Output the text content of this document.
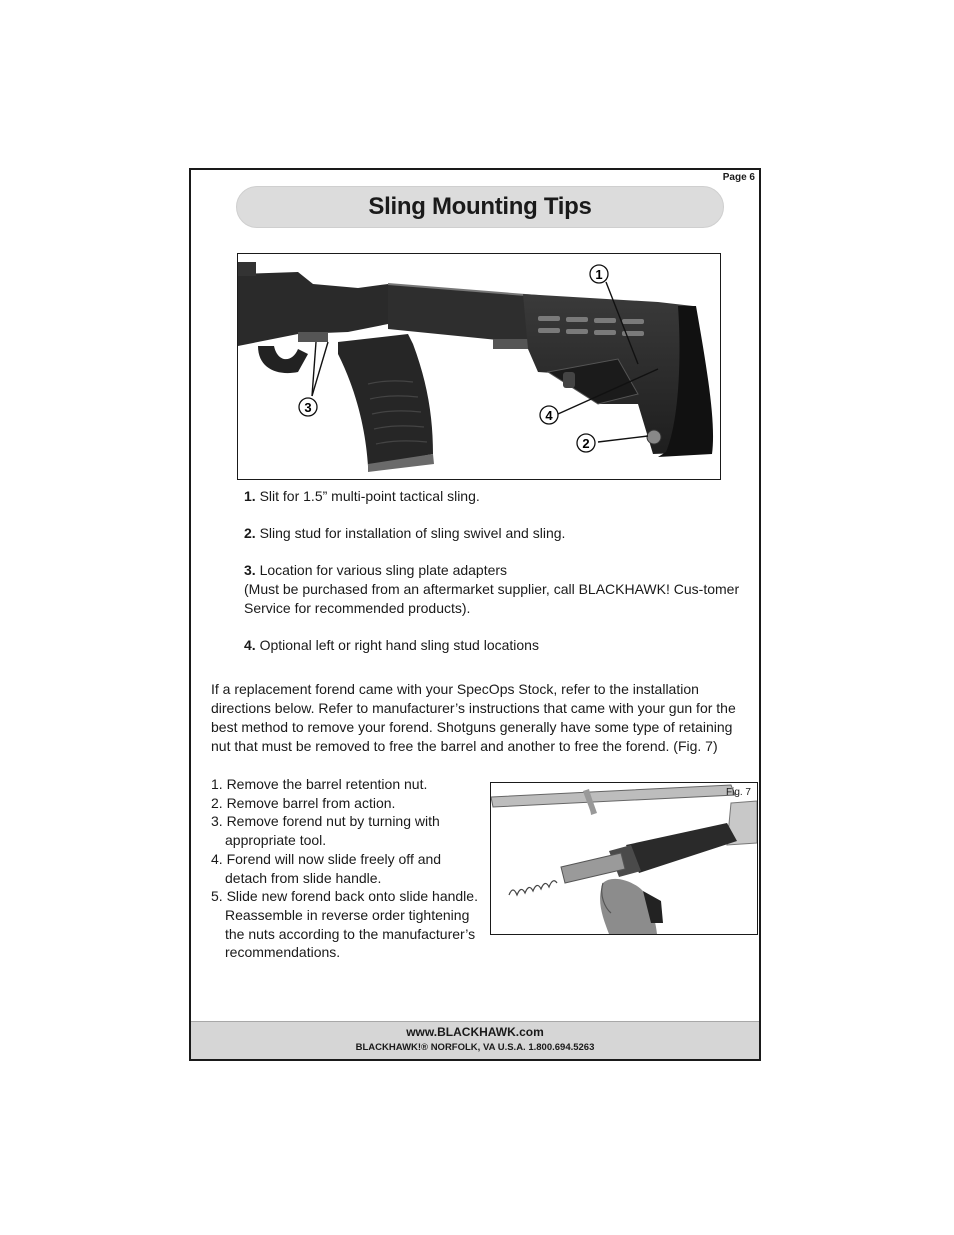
Page 6
Sling Mounting Tips
1
2
3
4

1. Slit for 1.5” multi-point tactical sling.

2. Sling stud for installation of sling swivel and sling.

3. Location for various sling plate adapters
(Must be purchased from an aftermarket supplier, call BLACKHAWK! Cus-tomer Service for recommended products).

4. Optional left or right hand sling stud locations

If a replacement forend came with your SpecOps Stock, refer to the installation directions below. Refer to manufacturer’s instructions that came with your gun for the best method to remove your forend. Shotguns generally have some type of retaining nut that must be removed to free the barrel and another to free the forend. (Fig. 7)

1. Remove the barrel retention nut.
2. Remove barrel from action.
3. Remove forend nut by turning with appropriate tool.
4. Forend will now slide freely off and detach from slide handle.
5. Slide new forend back onto slide handle. Reassemble in reverse order tightening the nuts according to the manufacturer’s recommendations.
Fig. 7
www.BLACKHAWK.com
BLACKHAWK!® NORFOLK, VA U.S.A. 1.800.694.5263
